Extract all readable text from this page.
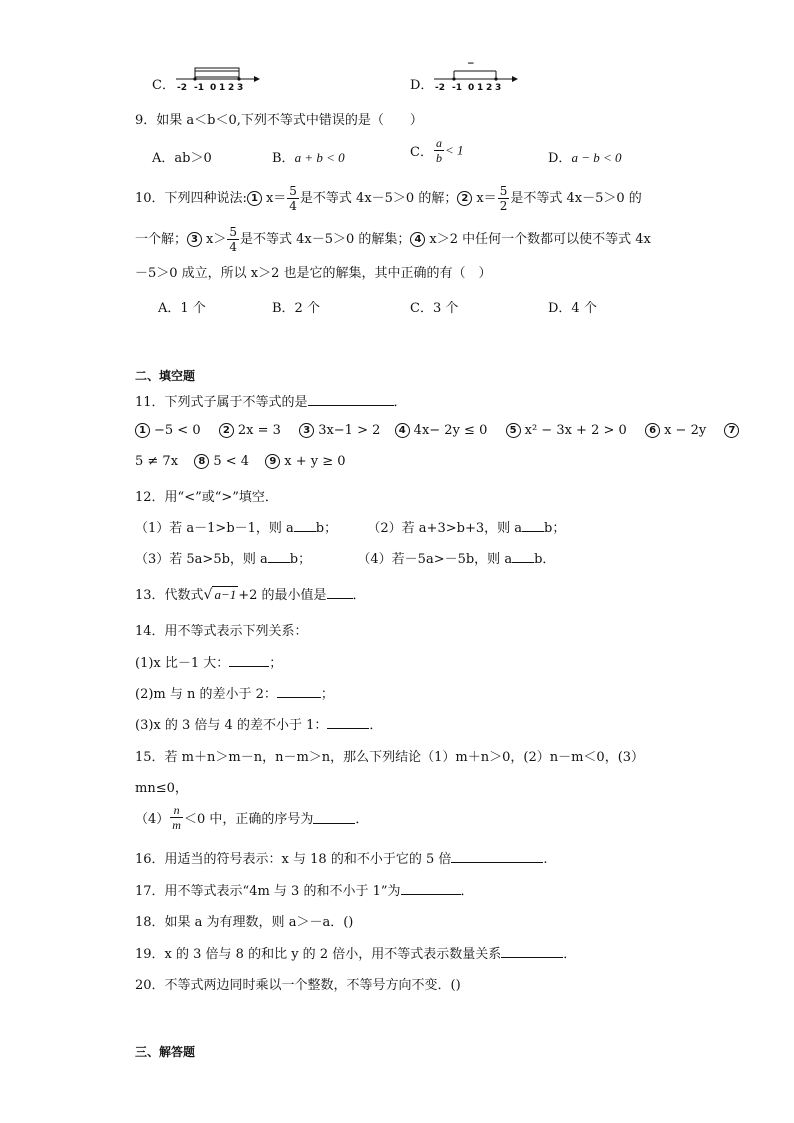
C． -2 -1 0 1 2 3	D．
−
-2 -1 0 1 2 3
9．如果 a＜b＜0,下列不等式中错误的是（　　）
A．ab＞0	B．a + b < 0	C． $\frac{a}{b} < 1$
D．a − b < 0
10．下列四种说法: 1 $x= \frac{5}{4}$ 是不等式 4x－5＞0 的解； 2 $x= \frac{5}{2}$ 是不等式 4x－5＞0 的
一个解； 3 $x> \frac{5}{4}$ 是不等式 4x－5＞0 的解集； 4 x＞2 中任何一个数都可以使不等式 4x
－5＞0 成立，所以 x＞2 也是它的解集，其中正确的有（　）
A．1 个	B．2 个	C．3 个	D．4 个
二、填空题
11．下列式子属于不等式的是	．
1 −5 < 0 2 2x = 3 3 3x−1 > 2 4 4x− 2y ≤ 0 5 x² − 3x + 2 > 0 6 x − 2y 7
5 ≠ 7x 8 5 < 4 9 x + y ≥ 0
12．用“<”或“>”填空．
（1）若 a－1>b－1，则 a b； （2）若 a+3>b+3，则 a b；
（3）若 5a>5b，则 a b；	（4）若－5a>－5b，则 a b．
13．代数式√ a−1 +2 的最小值是 ．
14．用不等式表示下列关系：
(1)x 比－1 大：	；
(2)m 与 n 的差小于 2：	；
(3)x 的 3 倍与 4 的差不小于 1：	．
15．若 m＋n＞m－n，n－m＞n，那么下列结论（1）m＋n＞0，(2）n－m＜0，(3）
mn≤0，
$(4) \frac{n}{m} <0$ 中，正确的序号为	．
16．用适当的符号表示：x 与 18 的和不小于它的 5 倍	.
17．用不等式表示“4m 与 3 的和不小于 1”为	．
18．如果 a 为有理数，则 a＞－a．()
19．x 的 3 倍与 8 的和比 y 的 2 倍小，用不等式表示数量关系	．
20．不等式两边同时乘以一个整数，不等号方向不变．()
三、解答题
